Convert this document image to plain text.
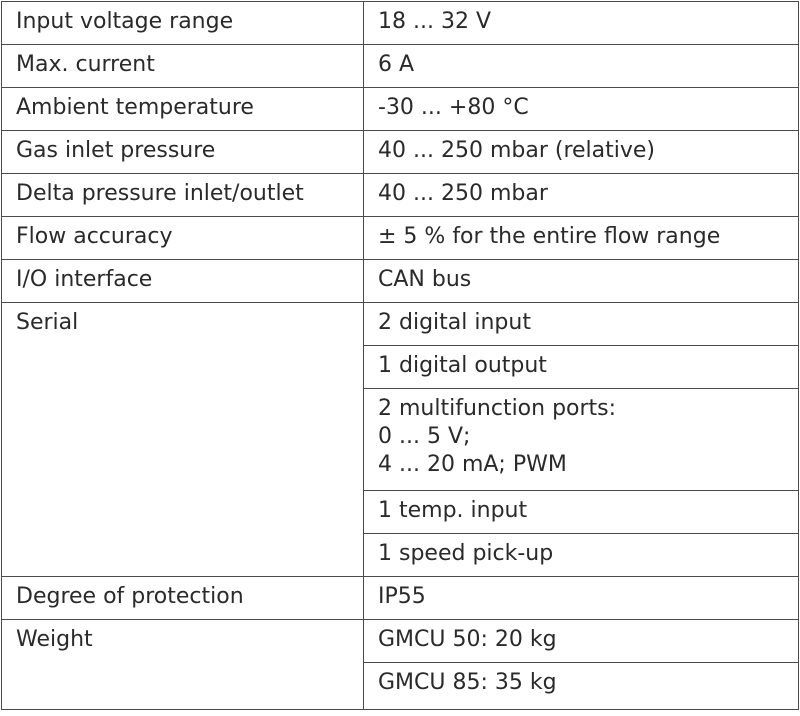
Input voltage range	18 ... 32 V
Max. current	6 A
Ambient temperature	-30 ... +80 °C
Gas inlet pressure	40 ... 250 mbar (relative)
Delta pressure inlet/outlet	40 ... 250 mbar
Flow accuracy	± 5 % for the entire flow range
I/O interface	CAN bus
Serial	2 digital input
	1 digital output
	2 multifunction ports:
0 ... 5 V;
4 ... 20 mA; PWM
	1 temp. input
	1 speed pick-up
Degree of protection	IP55
Weight	GMCU 50: 20 kg
	GMCU 85: 35 kg
